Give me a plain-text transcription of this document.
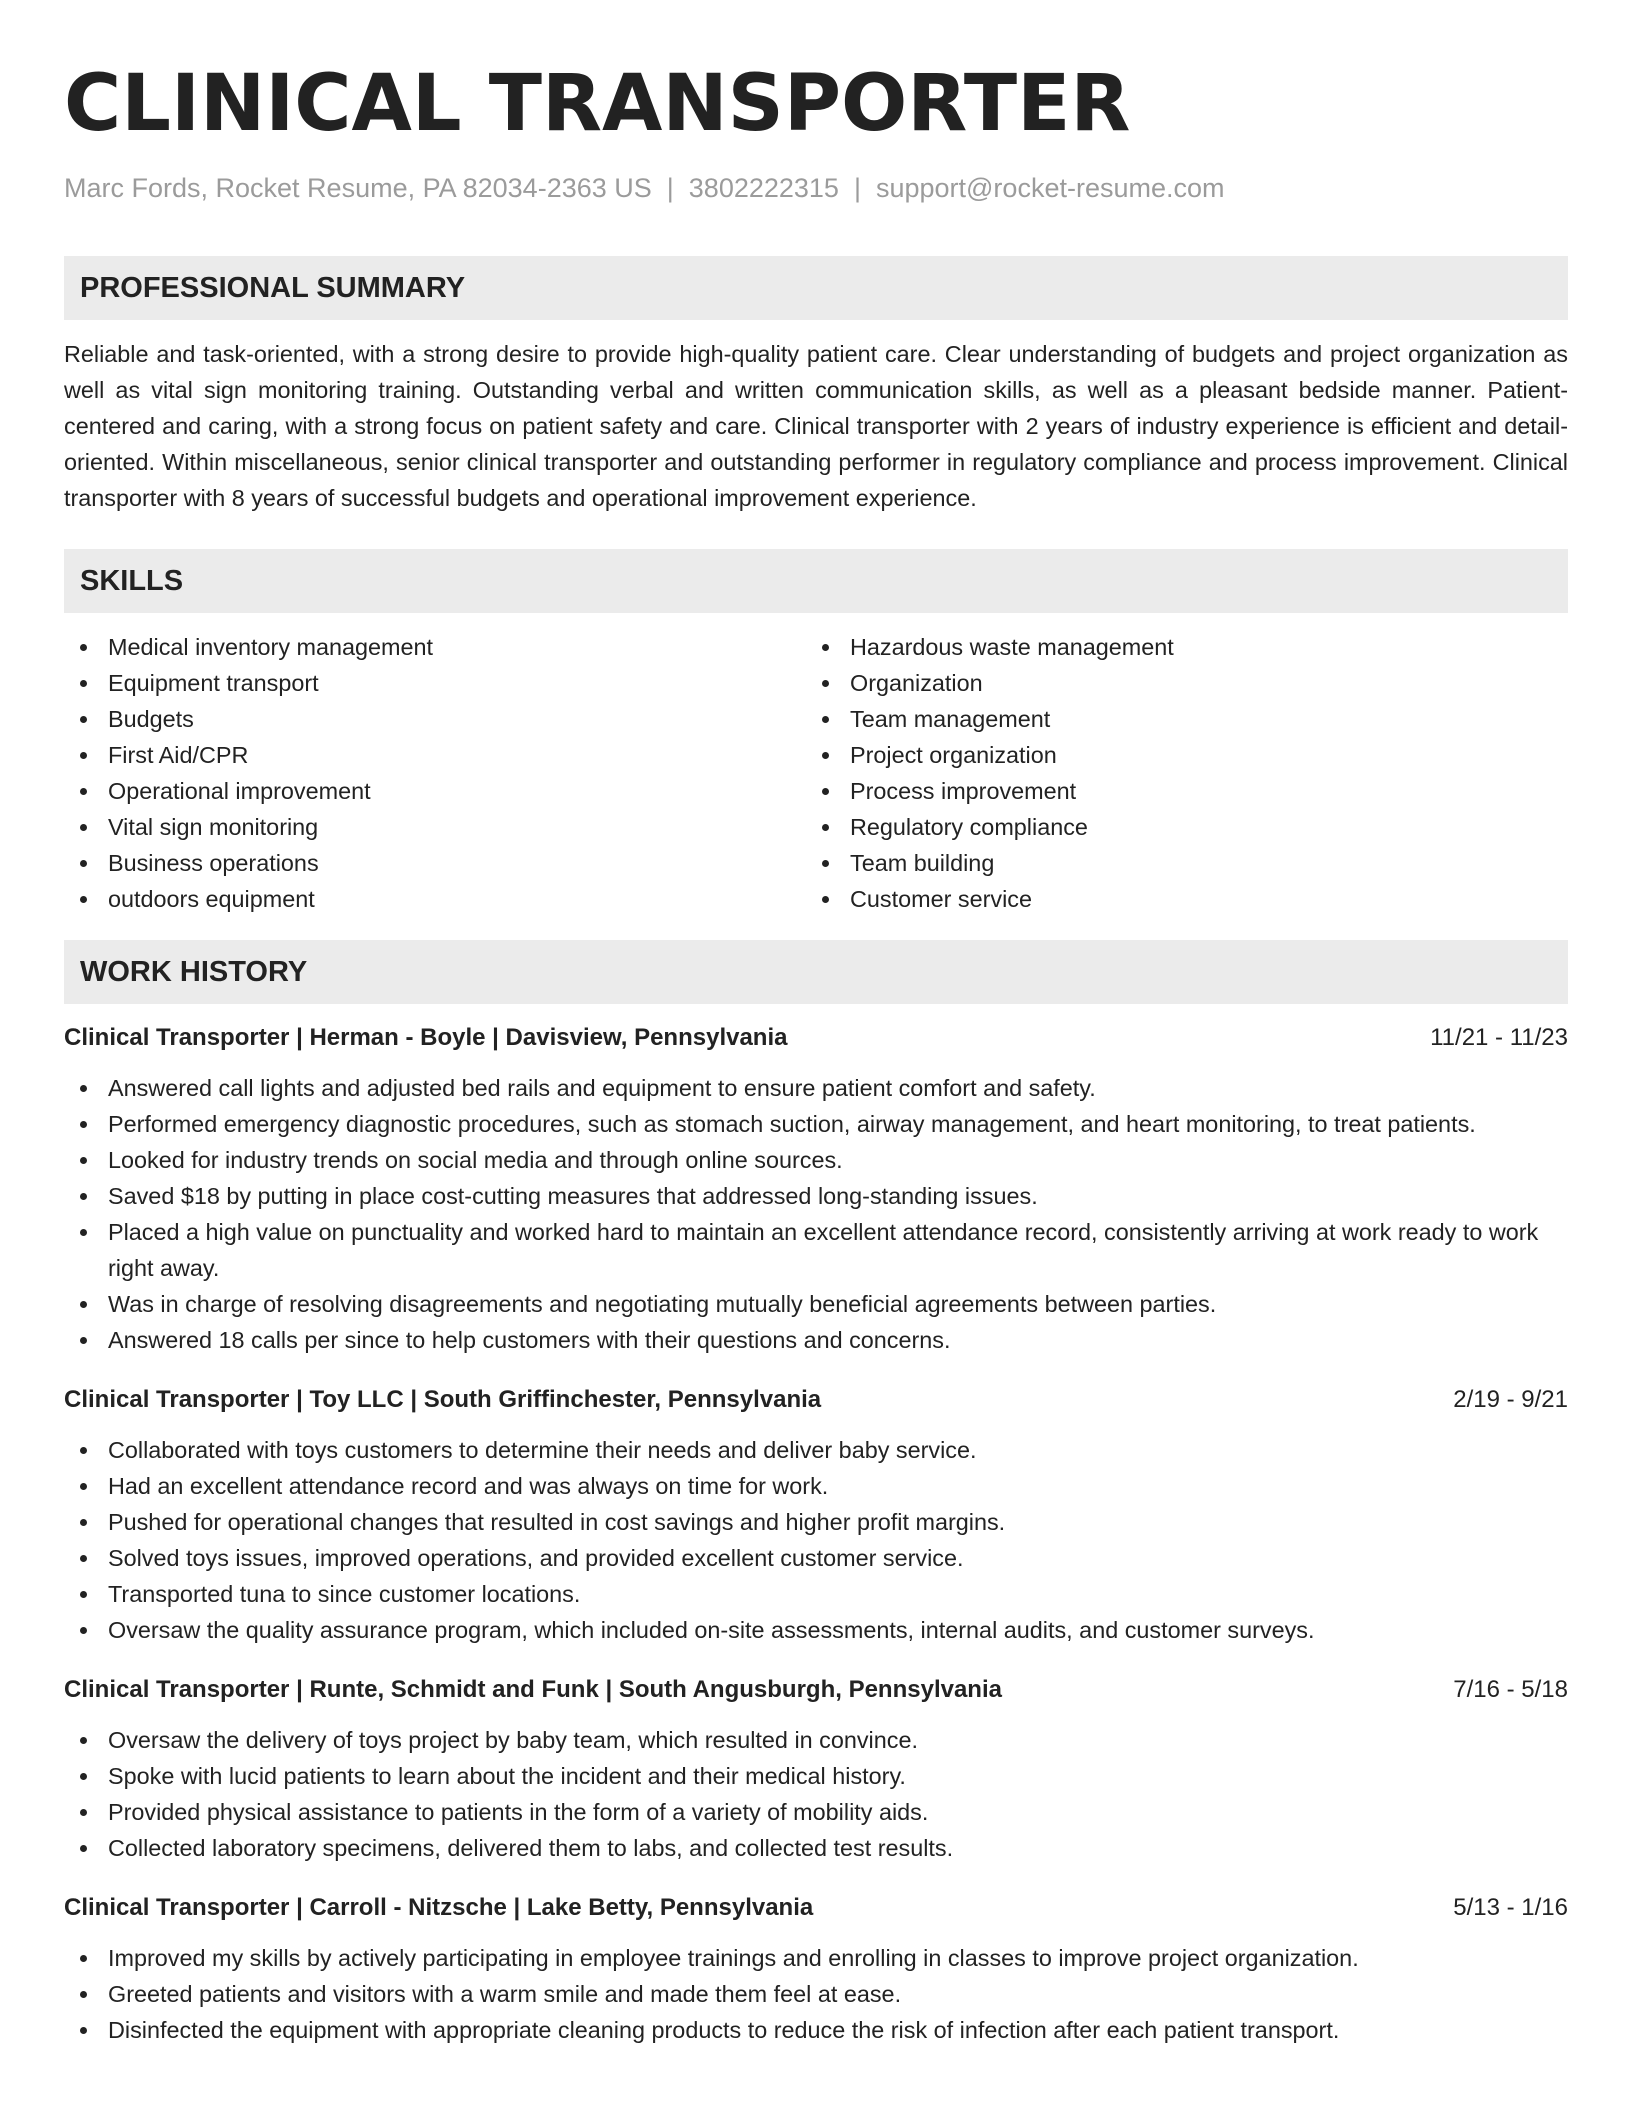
CLINICAL TRANSPORTER
Marc Fords, Rocket Resume, PA 82034-2363 US | 3802222315 | support@rocket-resume.com
PROFESSIONAL SUMMARY
Reliable and task-oriented, with a strong desire to provide high-quality patient care. Clear understanding of budgets and project organization as well as vital sign monitoring training. Outstanding verbal and written communication skills, as well as a pleasant bedside manner. Patient-centered and caring, with a strong focus on patient safety and care. Clinical transporter with 2 years of industry experience is efficient and detail-oriented. Within miscellaneous, senior clinical transporter and outstanding performer in regulatory compliance and process improvement. Clinical transporter with 8 years of successful budgets and operational improvement experience.
SKILLS
Medical inventory management
Equipment transport
Budgets
First Aid/CPR
Operational improvement
Vital sign monitoring
Business operations
outdoors equipment
Hazardous waste management
Organization
Team management
Project organization
Process improvement
Regulatory compliance
Team building
Customer service
WORK HISTORY
Clinical Transporter | Herman - Boyle | Davisview, Pennsylvania	11/21 - 11/23
Answered call lights and adjusted bed rails and equipment to ensure patient comfort and safety.
Performed emergency diagnostic procedures, such as stomach suction, airway management, and heart monitoring, to treat patients.
Looked for industry trends on social media and through online sources.
Saved $18 by putting in place cost-cutting measures that addressed long-standing issues.
Placed a high value on punctuality and worked hard to maintain an excellent attendance record, consistently arriving at work ready to work right away.
Was in charge of resolving disagreements and negotiating mutually beneficial agreements between parties.
Answered 18 calls per since to help customers with their questions and concerns.
Clinical Transporter | Toy LLC | South Griffinchester, Pennsylvania	2/19 - 9/21
Collaborated with toys customers to determine their needs and deliver baby service.
Had an excellent attendance record and was always on time for work.
Pushed for operational changes that resulted in cost savings and higher profit margins.
Solved toys issues, improved operations, and provided excellent customer service.
Transported tuna to since customer locations.
Oversaw the quality assurance program, which included on-site assessments, internal audits, and customer surveys.
Clinical Transporter | Runte, Schmidt and Funk | South Angusburgh, Pennsylvania	7/16 - 5/18
Oversaw the delivery of toys project by baby team, which resulted in convince.
Spoke with lucid patients to learn about the incident and their medical history.
Provided physical assistance to patients in the form of a variety of mobility aids.
Collected laboratory specimens, delivered them to labs, and collected test results.
Clinical Transporter | Carroll - Nitzsche | Lake Betty, Pennsylvania	5/13 - 1/16
Improved my skills by actively participating in employee trainings and enrolling in classes to improve project organization.
Greeted patients and visitors with a warm smile and made them feel at ease.
Disinfected the equipment with appropriate cleaning products to reduce the risk of infection after each patient transport.
